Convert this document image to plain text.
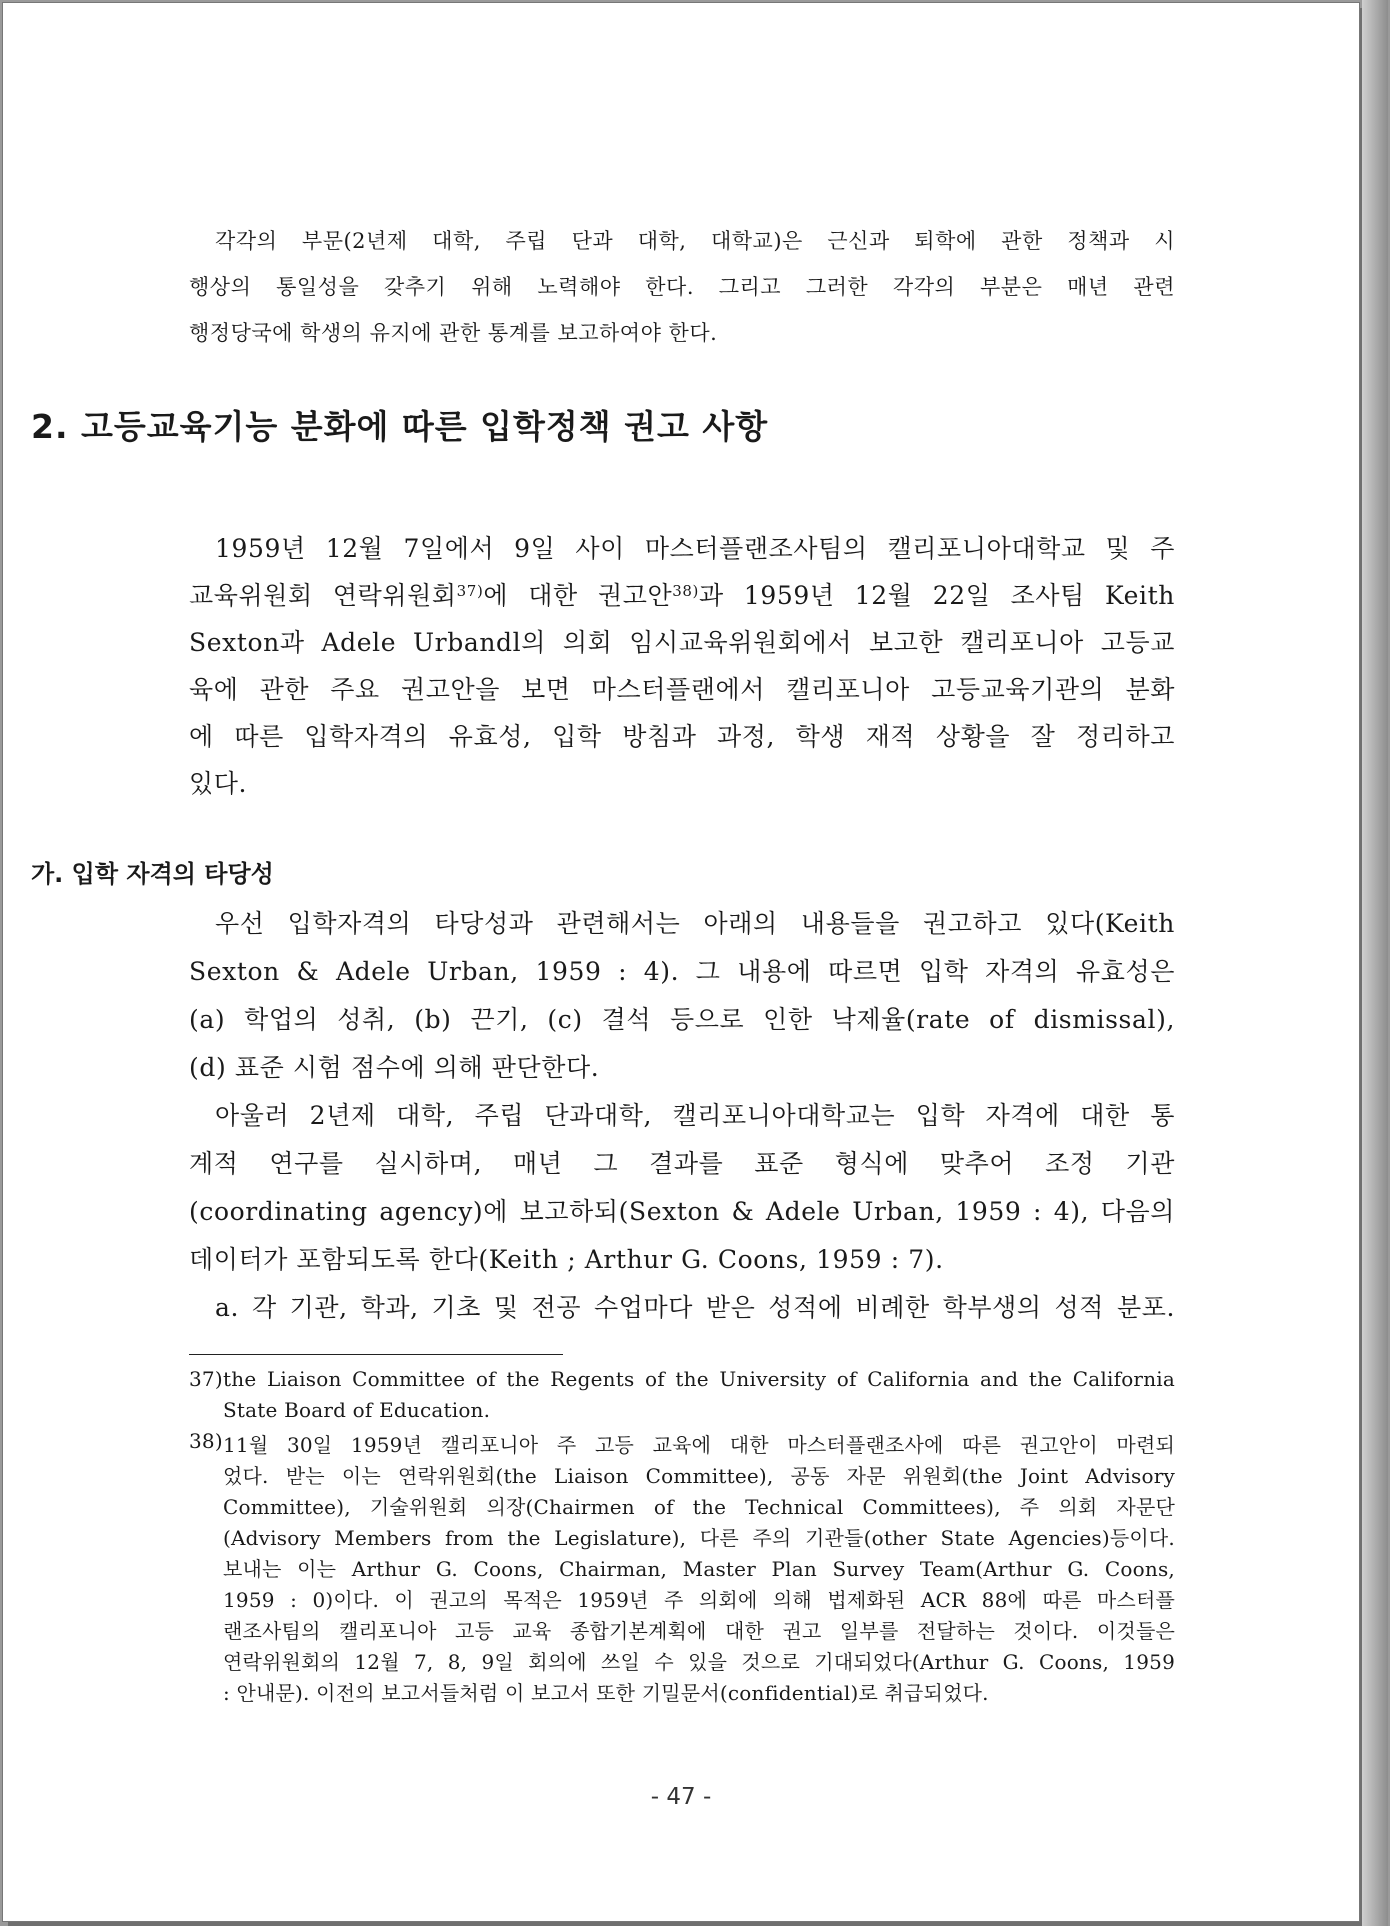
각각의 부문(2년제 대학, 주립 단과 대학, 대학교)은 근신과 퇴학에 관한 정책과 시
행상의 통일성을 갖추기 위해 노력해야 한다. 그리고 그러한 각각의 부분은 매년 관련
행정당국에 학생의 유지에 관한 통계를 보고하여야 한다.
2. 고등교육기능 분화에 따른 입학정책 권고 사항
1959년 12월 7일에서 9일 사이 마스터플랜조사팀의 캘리포니아대학교 및 주
교육위원회 연락위원회$^{37)}$에 대한 권고안$^{38)}$과 1959년 12월 22일 조사팀 Keith
Sexton과 Adele Urbandl의 의회 임시교육위원회에서 보고한 캘리포니아 고등교
육에 관한 주요 권고안을 보면 마스터플랜에서 캘리포니아 고등교육기관의 분화
에 따른 입학자격의 유효성, 입학 방침과 과정, 학생 재적 상황을 잘 정리하고
있다.
가. 입학 자격의 타당성
우선 입학자격의 타당성과 관련해서는 아래의 내용들을 권고하고 있다(Keith
Sexton & Adele Urban, 1959 : 4). 그 내용에 따르면 입학 자격의 유효성은
(a) 학업의 성취, (b) 끈기, (c) 결석 등으로 인한 낙제율(rate of dismissal),
(d) 표준 시험 점수에 의해 판단한다.
아울러 2년제 대학, 주립 단과대학, 캘리포니아대학교는 입학 자격에 대한 통
계적 연구를 실시하며, 매년 그 결과를 표준 형식에 맞추어 조정 기관
(coordinating agency)에 보고하되(Sexton & Adele Urban, 1959 : 4), 다음의
데이터가 포함되도록 한다(Keith ; Arthur G. Coons, 1959 : 7).
a. 각 기관, 학과, 기초 및 전공 수업마다 받은 성적에 비례한 학부생의 성적 분포.
37) the Liaison Committee of the Regents of the University of California and the California
State Board of Education.
38) 11월 30일 1959년 캘리포니아 주 고등 교육에 대한 마스터플랜조사에 따른 권고안이 마련되
었다. 받는 이는 연락위원회(the Liaison Committee), 공동 자문 위원회(the Joint Advisory
Committee), 기술위원회 의장(Chairmen of the Technical Committees), 주 의회 자문단
(Advisory Members from the Legislature), 다른 주의 기관들(other State Agencies)등이다.
보내는 이는 Arthur G. Coons, Chairman, Master Plan Survey Team(Arthur G. Coons,
1959 : 0)이다. 이 권고의 목적은 1959년 주 의회에 의해 법제화된 ACR 88에 따른 마스터플
랜조사팀의 캘리포니아 고등 교육 종합기본계획에 대한 권고 일부를 전달하는 것이다. 이것들은
연락위원회의 12월 7, 8, 9일 회의에 쓰일 수 있을 것으로 기대되었다(Arthur G. Coons, 1959
: 안내문). 이전의 보고서들처럼 이 보고서 또한 기밀문서(confidential)로 취급되었다.
- 47 -
